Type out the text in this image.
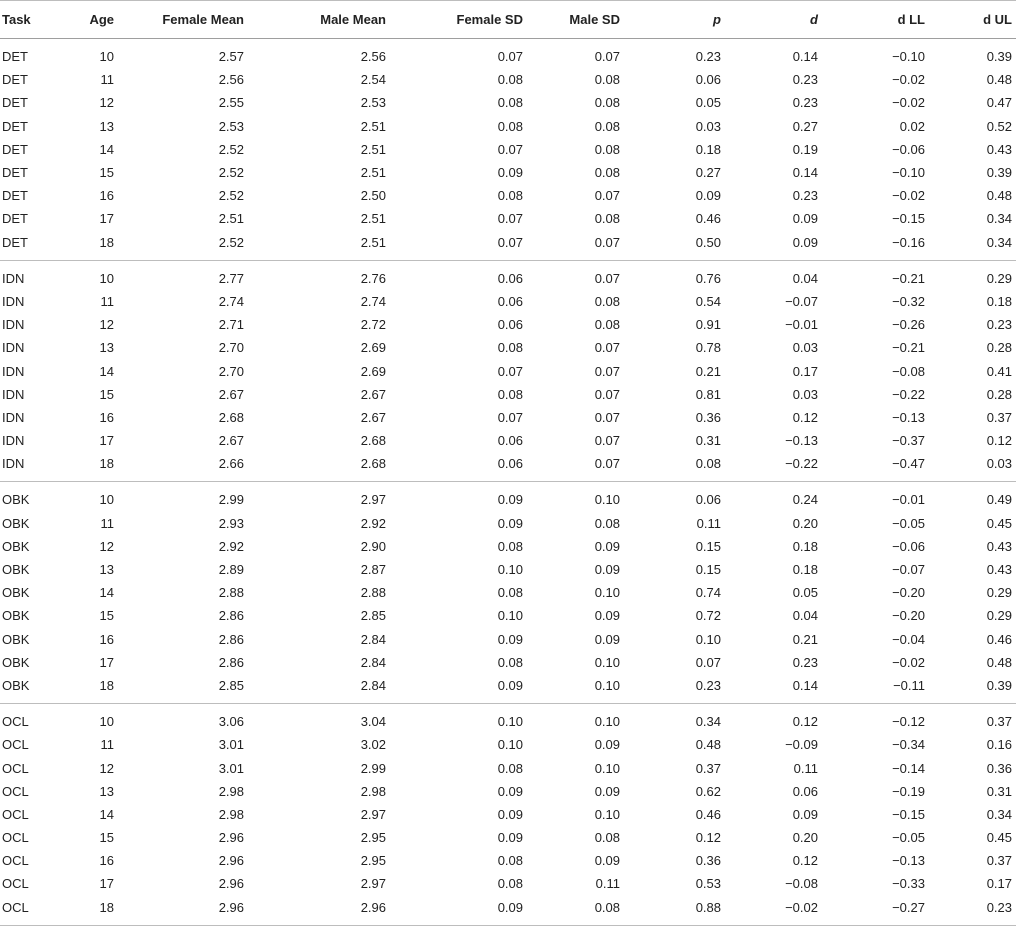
Task	Age	Female Mean	Male Mean	Female SD	Male SD	p	d	d LL	d UL
DET	10	2.57	2.56	0.07	0.07	0.23	0.14	−0.10	0.39
DET	11	2.56	2.54	0.08	0.08	0.06	0.23	−0.02	0.48
DET	12	2.55	2.53	0.08	0.08	0.05	0.23	−0.02	0.47
DET	13	2.53	2.51	0.08	0.08	0.03	0.27	0.02	0.52
DET	14	2.52	2.51	0.07	0.08	0.18	0.19	−0.06	0.43
DET	15	2.52	2.51	0.09	0.08	0.27	0.14	−0.10	0.39
DET	16	2.52	2.50	0.08	0.07	0.09	0.23	−0.02	0.48
DET	17	2.51	2.51	0.07	0.08	0.46	0.09	−0.15	0.34
DET	18	2.52	2.51	0.07	0.07	0.50	0.09	−0.16	0.34
IDN	10	2.77	2.76	0.06	0.07	0.76	0.04	−0.21	0.29
IDN	11	2.74	2.74	0.06	0.08	0.54	−0.07	−0.32	0.18
IDN	12	2.71	2.72	0.06	0.08	0.91	−0.01	−0.26	0.23
IDN	13	2.70	2.69	0.08	0.07	0.78	0.03	−0.21	0.28
IDN	14	2.70	2.69	0.07	0.07	0.21	0.17	−0.08	0.41
IDN	15	2.67	2.67	0.08	0.07	0.81	0.03	−0.22	0.28
IDN	16	2.68	2.67	0.07	0.07	0.36	0.12	−0.13	0.37
IDN	17	2.67	2.68	0.06	0.07	0.31	−0.13	−0.37	0.12
IDN	18	2.66	2.68	0.06	0.07	0.08	−0.22	−0.47	0.03
OBK	10	2.99	2.97	0.09	0.10	0.06	0.24	−0.01	0.49
OBK	11	2.93	2.92	0.09	0.08	0.11	0.20	−0.05	0.45
OBK	12	2.92	2.90	0.08	0.09	0.15	0.18	−0.06	0.43
OBK	13	2.89	2.87	0.10	0.09	0.15	0.18	−0.07	0.43
OBK	14	2.88	2.88	0.08	0.10	0.74	0.05	−0.20	0.29
OBK	15	2.86	2.85	0.10	0.09	0.72	0.04	−0.20	0.29
OBK	16	2.86	2.84	0.09	0.09	0.10	0.21	−0.04	0.46
OBK	17	2.86	2.84	0.08	0.10	0.07	0.23	−0.02	0.48
OBK	18	2.85	2.84	0.09	0.10	0.23	0.14	−0.11	0.39
OCL	10	3.06	3.04	0.10	0.10	0.34	0.12	−0.12	0.37
OCL	11	3.01	3.02	0.10	0.09	0.48	−0.09	−0.34	0.16
OCL	12	3.01	2.99	0.08	0.10	0.37	0.11	−0.14	0.36
OCL	13	2.98	2.98	0.09	0.09	0.62	0.06	−0.19	0.31
OCL	14	2.98	2.97	0.09	0.10	0.46	0.09	−0.15	0.34
OCL	15	2.96	2.95	0.09	0.08	0.12	0.20	−0.05	0.45
OCL	16	2.96	2.95	0.08	0.09	0.36	0.12	−0.13	0.37
OCL	17	2.96	2.97	0.08	0.11	0.53	−0.08	−0.33	0.17
OCL	18	2.96	2.96	0.09	0.08	0.88	−0.02	−0.27	0.23
